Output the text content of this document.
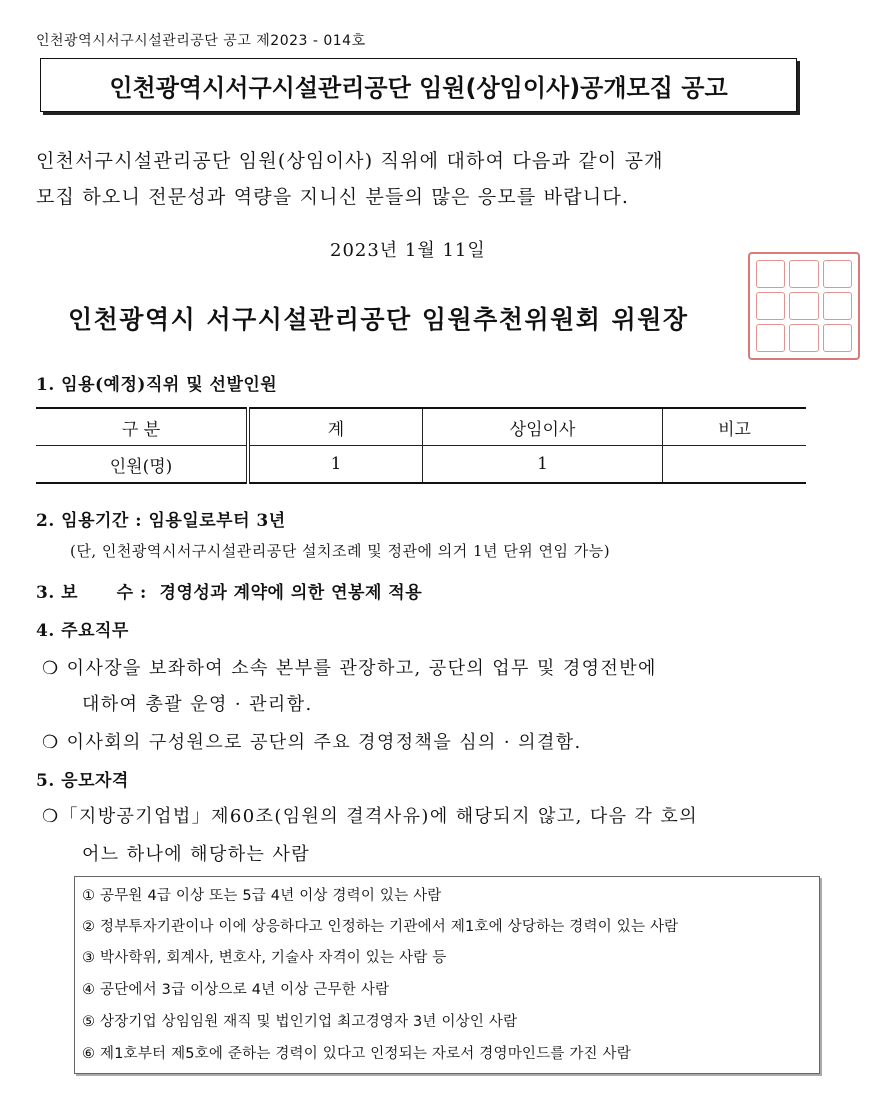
인천광역시서구시설관리공단 공고 제2023 - 014호
인천광역시서구시설관리공단 임원(상임이사)공개모집 공고
인천서구시설관리공단 임원(상임이사) 직위에 대하여 다음과 같이 공개
모집 하오니 전문성과 역량을 지니신 분들의 많은 응모를 바랍니다.
2023년 1월 11일
인천광역시 서구시설관리공단 임원추천위원회 위원장
1. 임용(예정)직위 및 선발인원
구 분	계	상임이사	비고
인원(명)	1	1	
2. 임용기간 : 임용일로부터 3년
(단, 인천광역시서구시설관리공단 설치조례 및 정관에 의거 1년 단위 연임 가능)
3. 보      수 :  경영성과 계약에 의한 연봉제 적용
4. 주요직무
❍ 이사장을 보좌하여 소속 본부를 관장하고, 공단의 업무 및 경영전반에
대하여 총괄 운영 · 관리함.
❍ 이사회의 구성원으로 공단의 주요 경영정책을 심의 · 의결함.
5. 응모자격
❍「지방공기업법」제60조(임원의 결격사유)에 해당되지 않고, 다음 각 호의
어느 하나에 해당하는 사람
① 공무원 4급 이상 또는 5급 4년 이상 경력이 있는 사람
② 정부투자기관이나 이에 상응하다고 인정하는 기관에서 제1호에 상당하는 경력이 있는 사람
③ 박사학위, 회계사, 변호사, 기술사 자격이 있는 사람 등
④ 공단에서 3급 이상으로 4년 이상 근무한 사람
⑤ 상장기업 상임임원 재직 및 법인기업 최고경영자 3년 이상인 사람
⑥ 제1호부터 제5호에 준하는 경력이 있다고 인정되는 자로서 경영마인드를 가진 사람
